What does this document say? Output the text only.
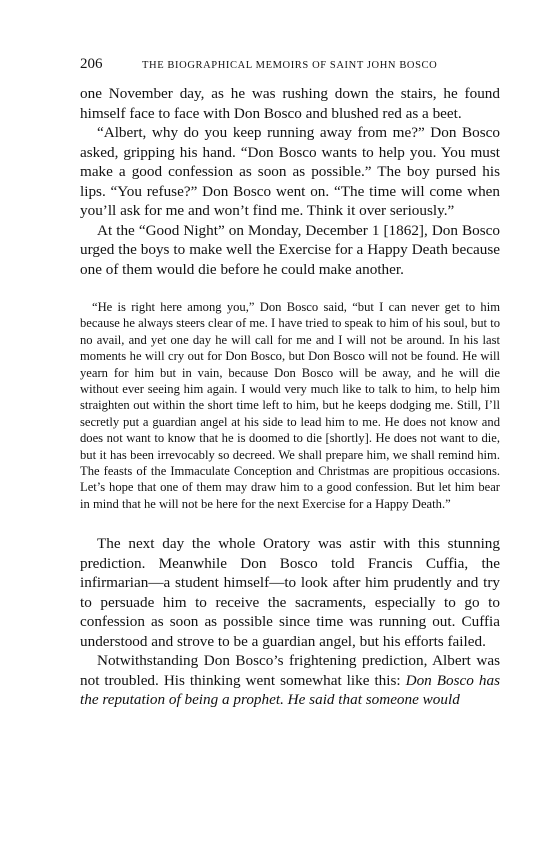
206	THE BIOGRAPHICAL MEMOIRS OF SAINT JOHN BOSCO

one November day, as he was rushing down the stairs, he found himself face to face with Don Bosco and blushed red as a beet.

“Albert, why do you keep running away from me?” Don Bosco asked, gripping his hand. “Don Bosco wants to help you. You must make a good confession as soon as possible.” The boy pursed his lips. “You refuse?” Don Bosco went on. “The time will come when you’ll ask for me and won’t find me. Think it over seriously.”

At the “Good Night” on Monday, December 1 [1862], Don Bosco urged the boys to make well the Exercise for a Happy Death because one of them would die before he could make another.

“He is right here among you,” Don Bosco said, “but I can never get to him because he always steers clear of me. I have tried to speak to him of his soul, but to no avail, and yet one day he will call for me and I will not be around. In his last moments he will cry out for Don Bosco, but Don Bosco will not be found. He will yearn for him but in vain, because Don Bosco will be away, and he will die without ever seeing him again. I would very much like to talk to him, to help him straighten out within the short time left to him, but he keeps dodging me. Still, I’ll secretly put a guardian angel at his side to lead him to me. He does not know and does not want to know that he is doomed to die [shortly]. He does not want to die, but it has been irrevocably so decreed. We shall prepare him, we shall remind him. The feasts of the Immaculate Conception and Christmas are propitious occasions. Let’s hope that one of them may draw him to a good confession. But let him bear in mind that he will not be here for the next Exercise for a Happy Death.”

The next day the whole Oratory was astir with this stunning prediction. Meanwhile Don Bosco told Francis Cuffia, the infirmarian—a student himself—to look after him prudently and try to persuade him to receive the sacraments, especially to go to confession as soon as possible since time was running out. Cuffia understood and strove to be a guardian angel, but his efforts failed.

Notwithstanding Don Bosco’s frightening prediction, Albert was not troubled. His thinking went somewhat like this: Don Bosco has the reputation of being a prophet. He said that someone would
